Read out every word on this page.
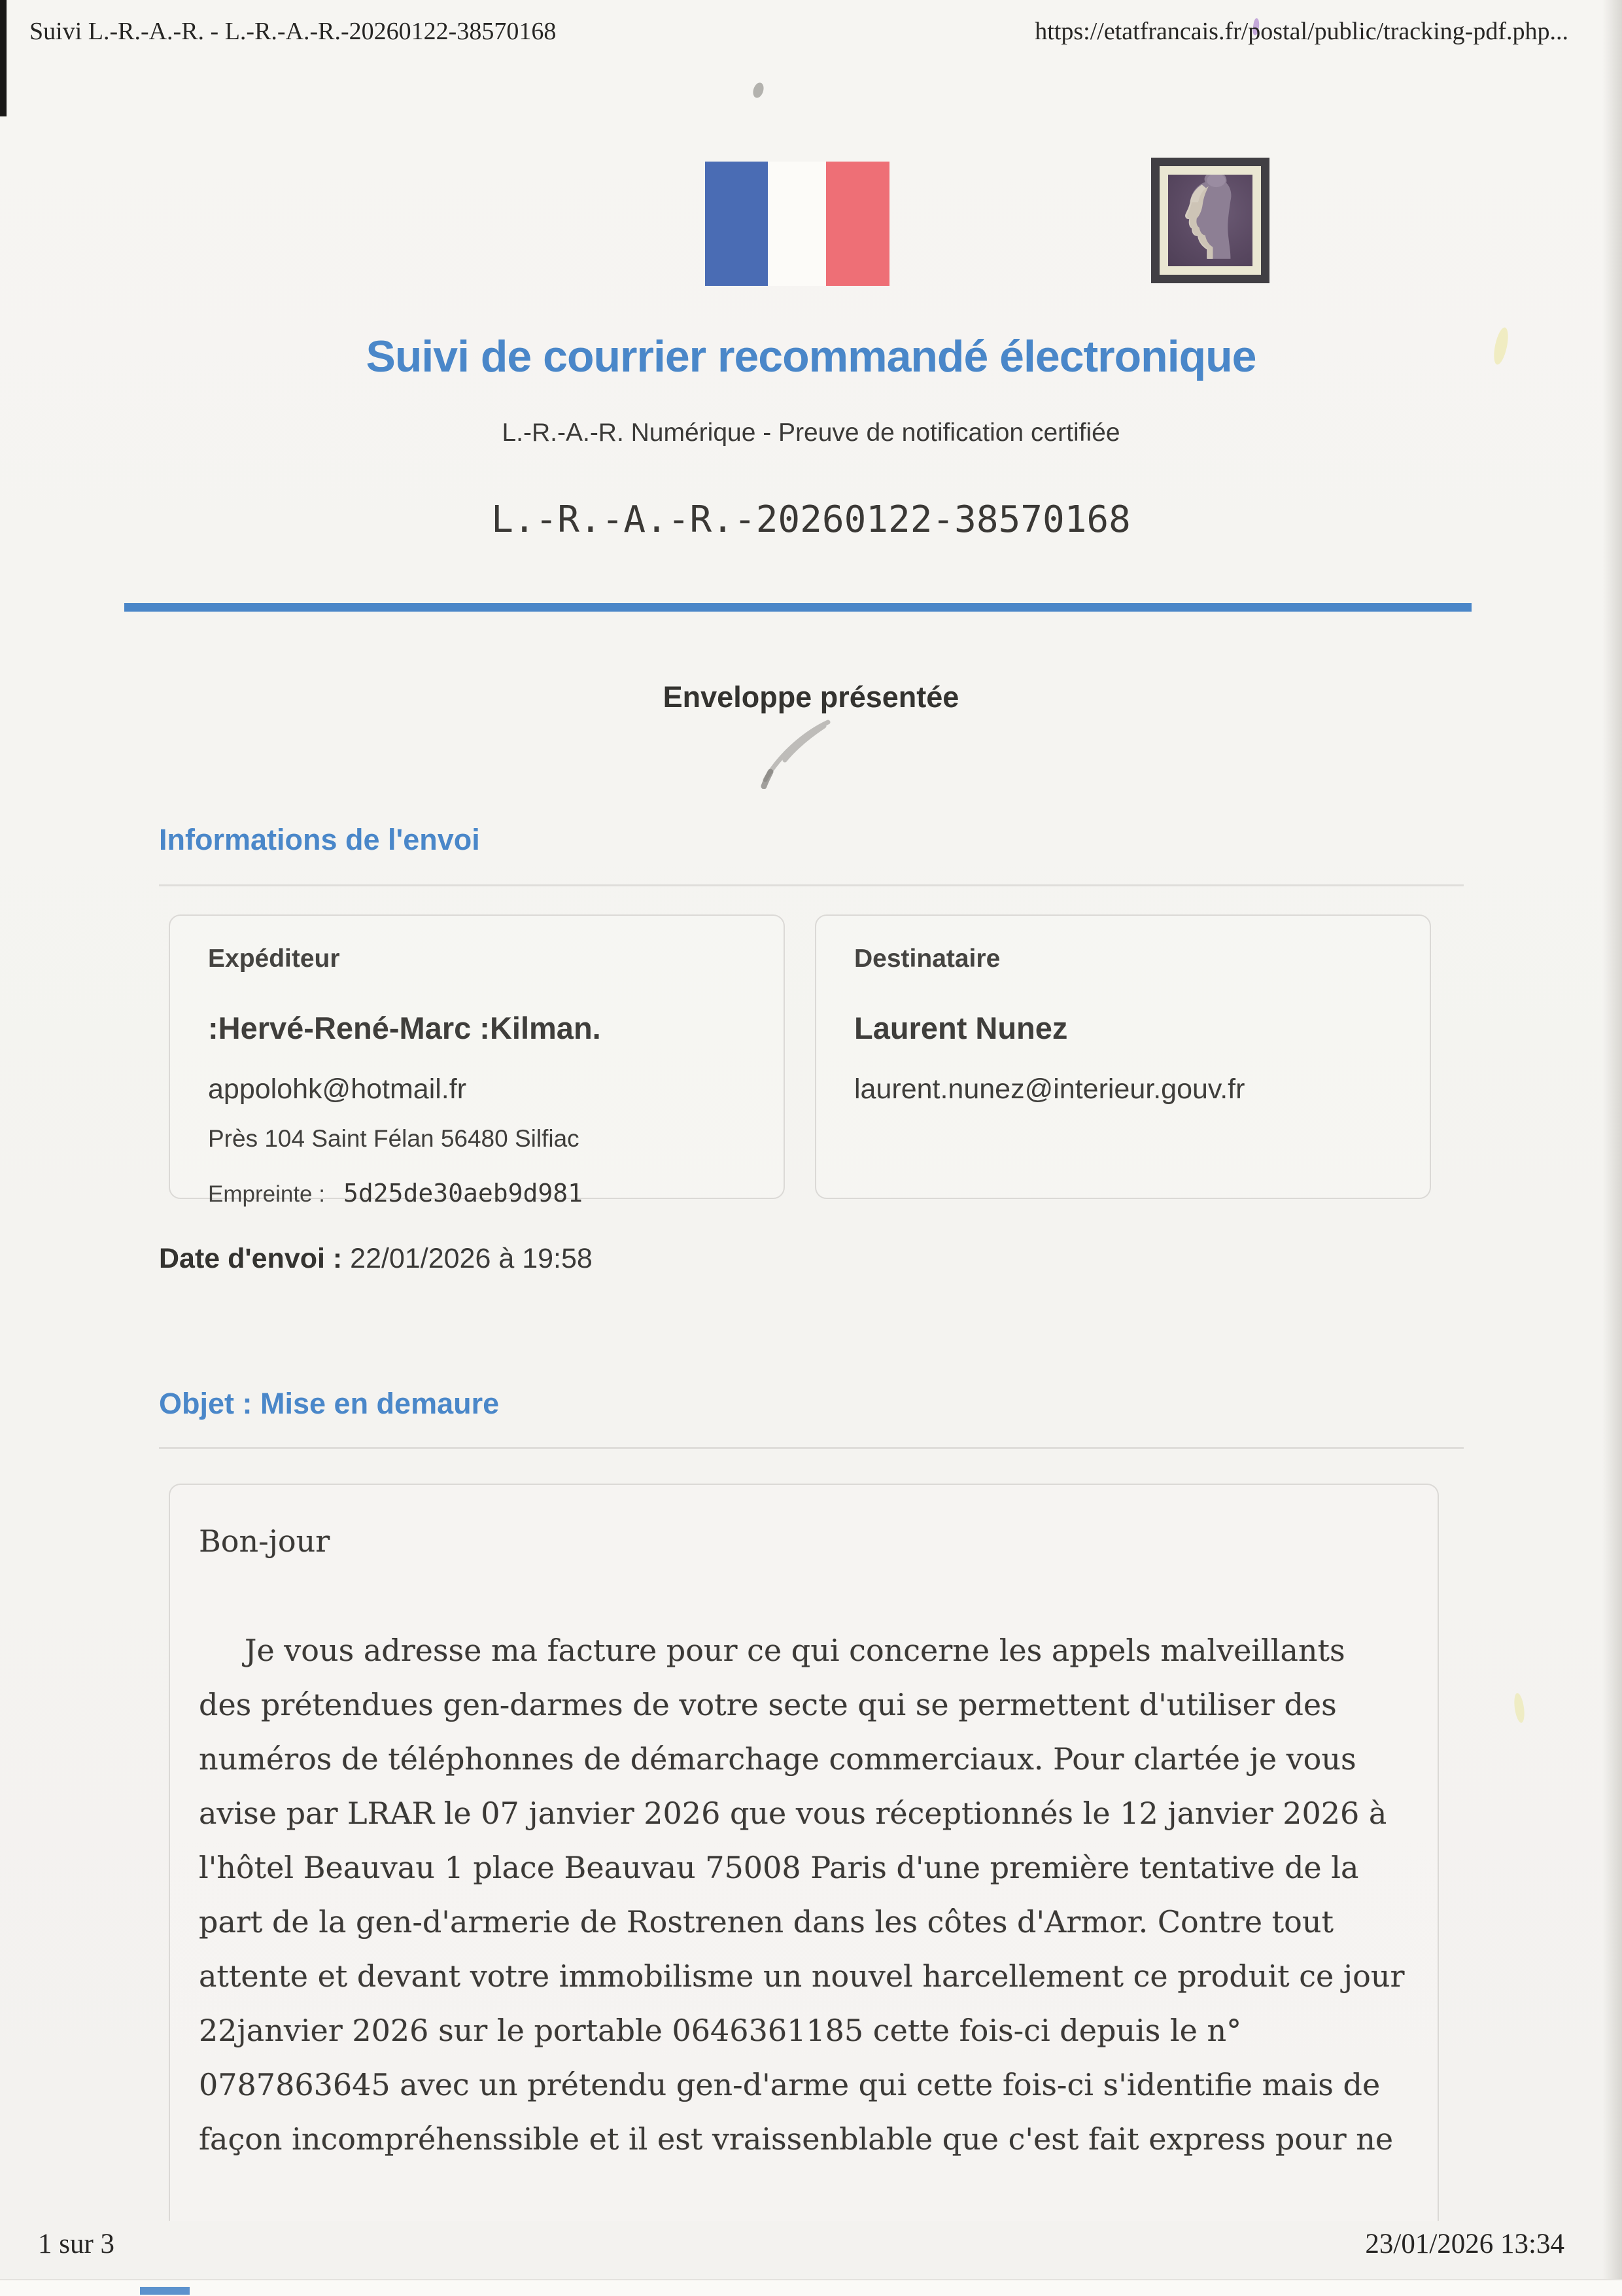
Suivi L.-R.-A.-R. - L.-R.-A.-R.-20260122-38570168	https://etatfrancais.fr/postal/public/tracking-pdf.php...
Suivi de courrier recommandé électronique
L.-R.-A.-R. Numérique - Preuve de notification certifiée
L.-R.-A.-R.-20260122-38570168
Enveloppe présentée
Informations de l'envoi
Expéditeur
:Hervé-René-Marc :Kilman.
appolohk@hotmail.fr
Près 104 Saint Félan 56480 Silfiac
Empreinte : 5d25de30aeb9d981
Destinataire
Laurent Nunez
laurent.nunez@interieur.gouv.fr
Date d'envoi : 22/01/2026 à 19:58
Objet : Mise en demaure
Bon-jour
Je vous adresse ma facture pour ce qui concerne les appels malveillants
des prétendues gen-darmes de votre secte qui se permettent d'utiliser des
numéros de téléphonnes de démarchage commerciaux. Pour clartée je vous
avise par LRAR le 07 janvier 2026 que vous réceptionnés le 12 janvier 2026 à
l'hôtel Beauvau 1 place Beauvau 75008 Paris d'une première tentative de la
part de la gen-d'armerie de Rostrenen dans les côtes d'Armor. Contre tout
attente et devant votre immobilisme un nouvel harcellement ce produit ce jour
22janvier 2026 sur le portable 0646361185 cette fois-ci depuis le n°
0787863645 avec un prétendu gen-d'arme qui cette fois-ci s'identifie mais de
façon incompréhenssible et il est vraissenblable que c'est fait express pour ne
1 sur 3	23/01/2026 13:34
